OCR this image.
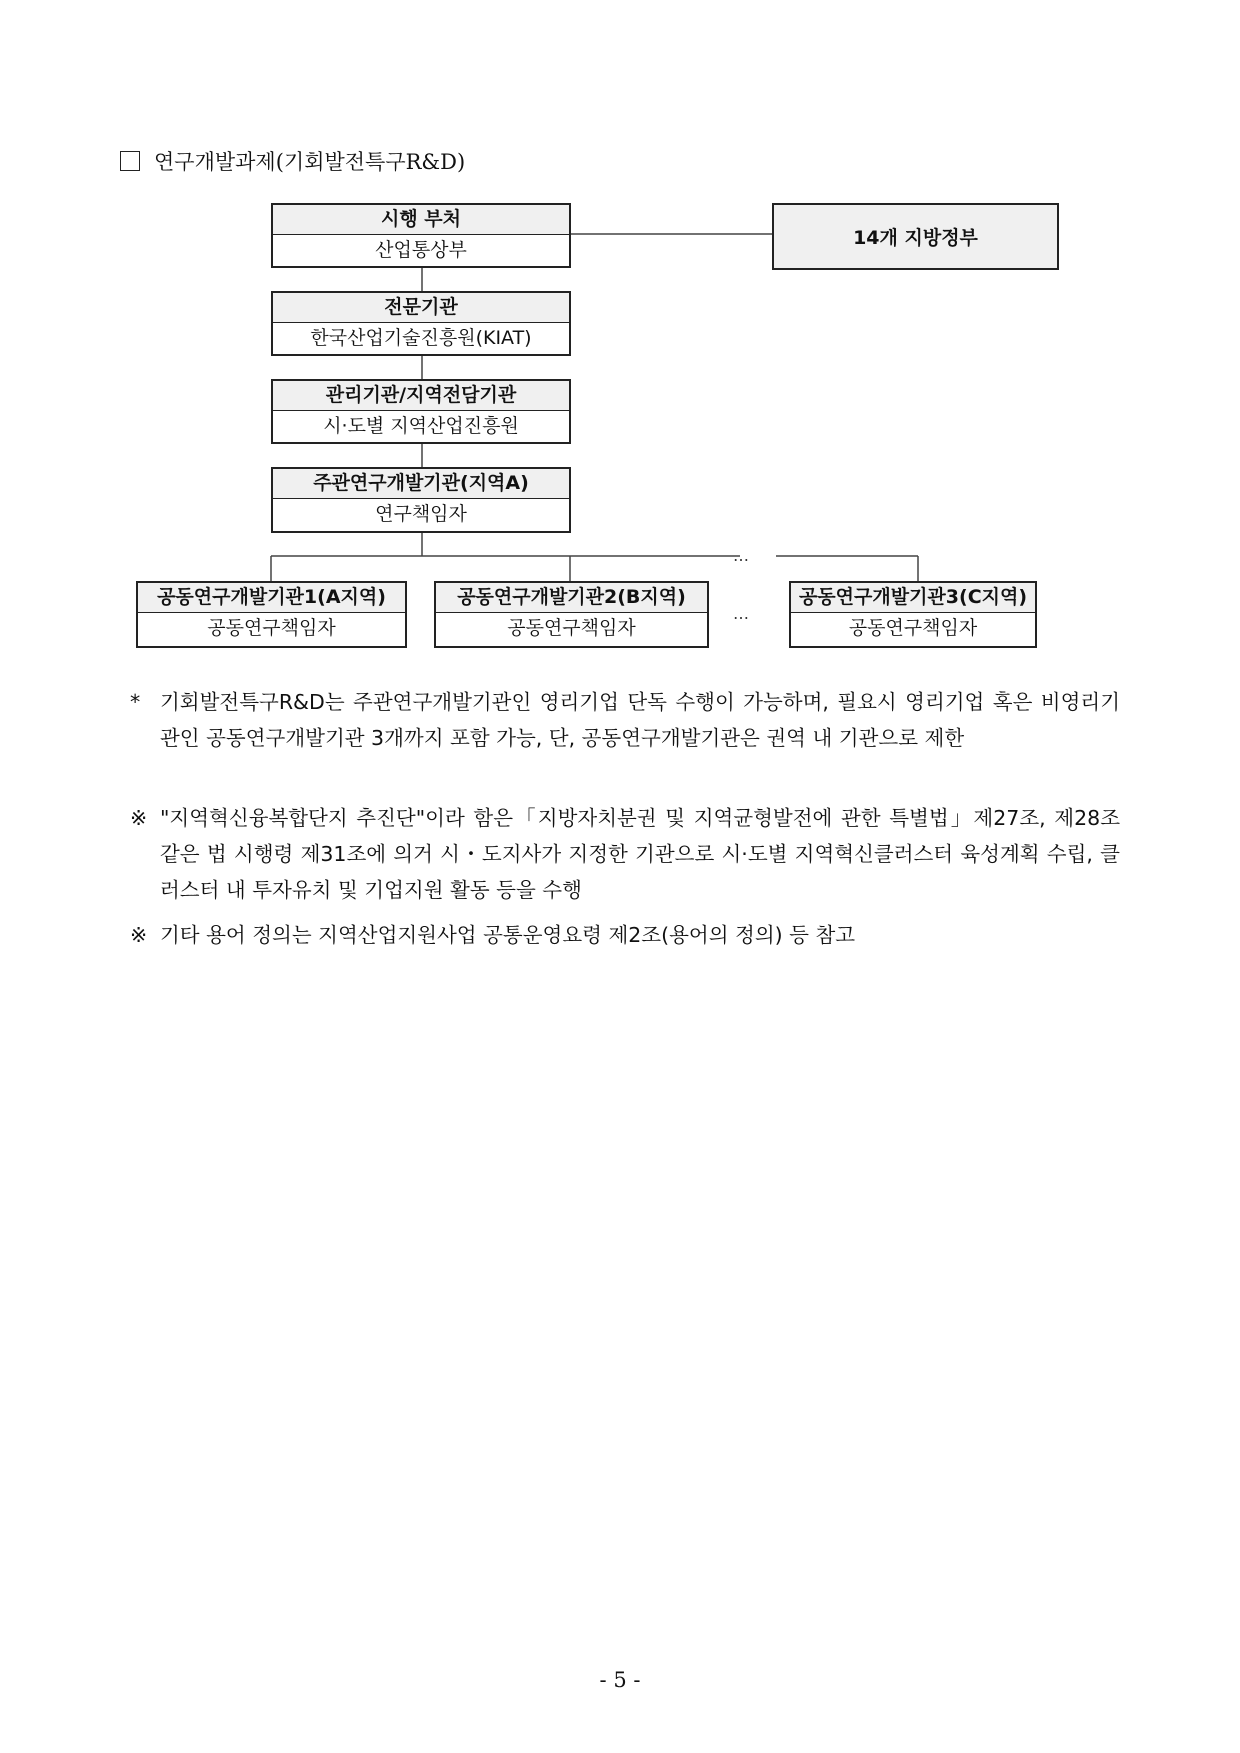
연구개발과제(기회발전특구R&D)
시행 부처
산업통상부
14개 지방정부
전문기관
한국산업기술진흥원(KIAT)
관리기관/지역전담기관
시·도별 지역산업진흥원
주관연구개발기관(지역A)
연구책임자
공동연구개발기관1(A지역)
공동연구책임자
공동연구개발기관2(B지역)
공동연구책임자
공동연구개발기관3(C지역)
공동연구책임자
…
…
* 기회발전특구R&D는 주관연구개발기관인 영리기업 단독 수행이 가능하며, 필요시 영리기업 혹은 비영리기관인 공동연구개발기관 3개까지 포함 가능, 단, 공동연구개발기관은 권역 내 기관으로 제한
※ "지역혁신융복합단지 추진단"이라 함은「지방자치분권 및 지역균형발전에 관한 특별법」제27조, 제28조 같은 법 시행령 제31조에 의거 시・도지사가 지정한 기관으로 시·도별 지역혁신클러스터 육성계획 수립, 클러스터 내 투자유치 및 기업지원 활동 등을 수행
※ 기타 용어 정의는 지역산업지원사업 공통운영요령 제2조(용어의 정의) 등 참고
- 5 -
